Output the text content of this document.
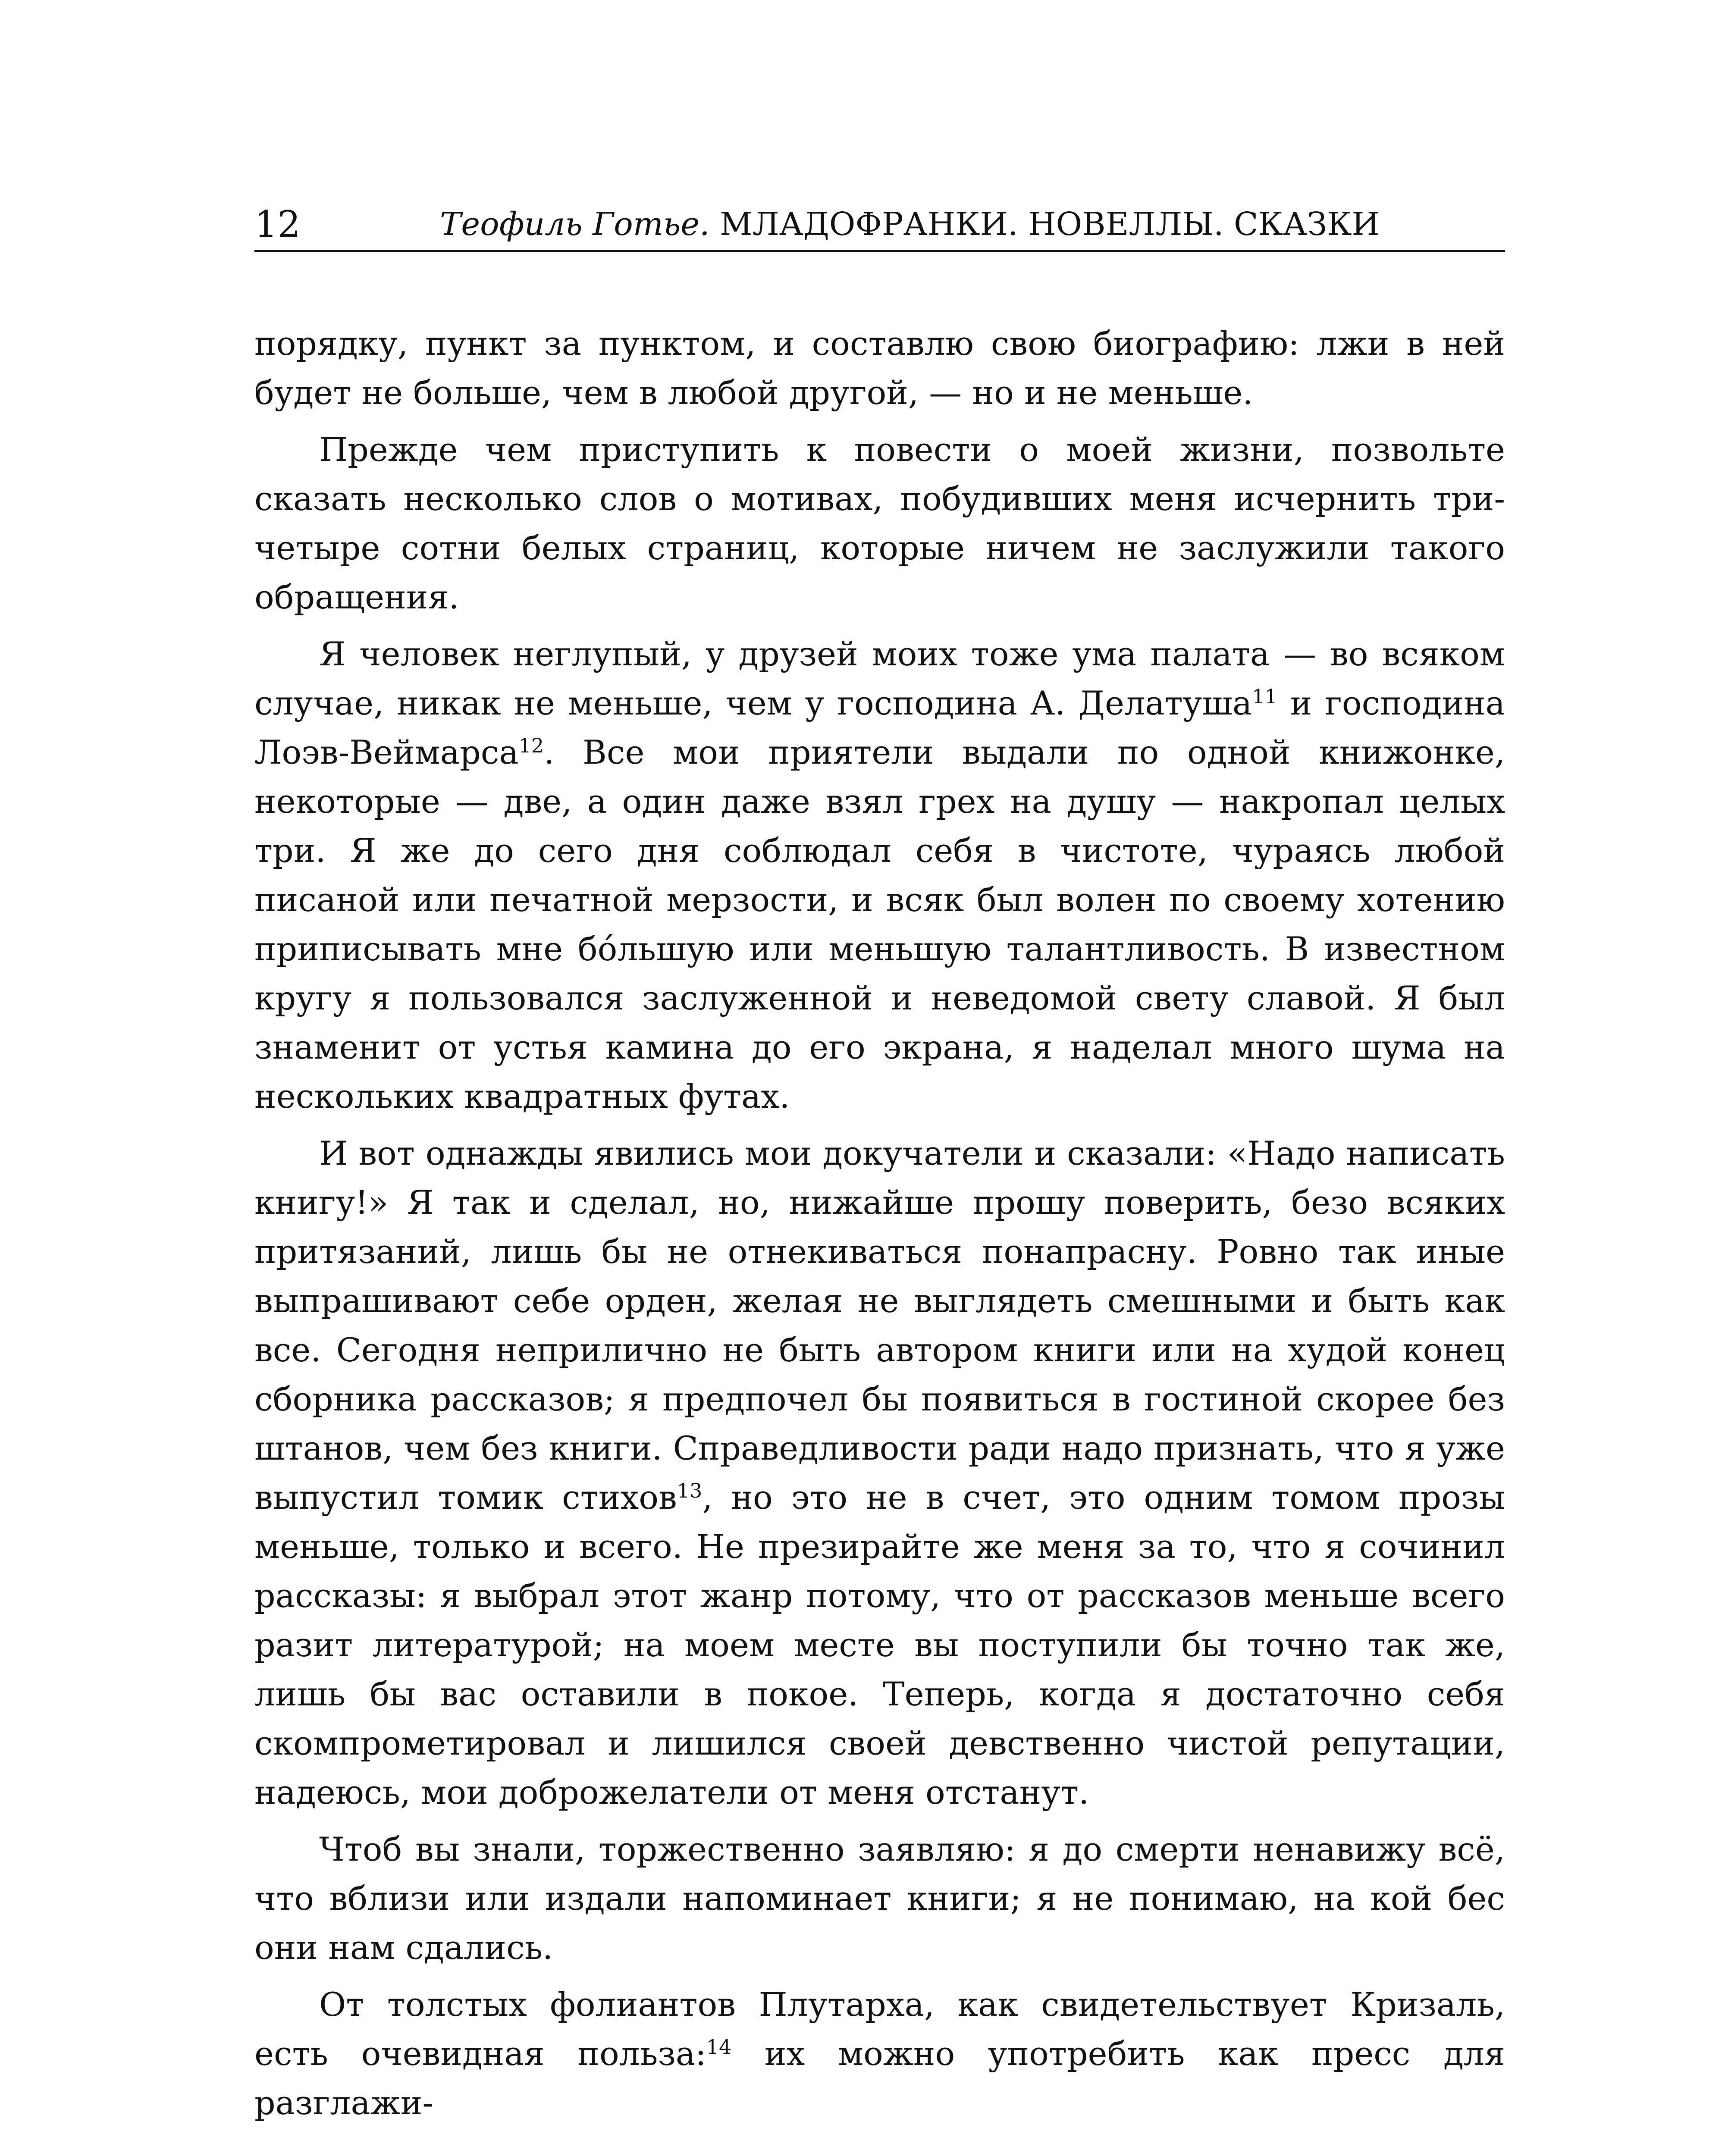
12	Теофиль Готье. МЛАДОФРАНКИ. НОВЕЛЛЫ. СКАЗКИ

порядку, пункт за пунктом, и составлю свою биографию: лжи в ней будет не больше, чем в любой другой, — но и не меньше.

Прежде чем приступить к повести о моей жизни, позвольте сказать несколько слов о мотивах, побудивших меня исчернить три-четыре сотни белых страниц, которые ничем не заслужили такого обращения.

Я человек неглупый, у друзей моих тоже ума палата — во всяком случае, никак не меньше, чем у господина А. Делатуша$^{11}$ и господина Лоэв-Веймарса$^{12}$. Все мои приятели выдали по одной книжонке, некоторые — две, а один даже взял грех на душу — накропал целых три. Я же до сего дня соблюдал себя в чистоте, чураясь любой писаной или печатной мерзости, и всяк был волен по своему хотению приписывать мне бо́льшую или меньшую талантливость. В известном кругу я пользовался заслуженной и неведомой свету славой. Я был знаменит от устья камина до его экрана, я наделал много шума на нескольких квадратных футах.

И вот однажды явились мои докучатели и сказали: «Надо написать книгу!» Я так и сделал, но, нижайше прошу поверить, безо всяких притязаний, лишь бы не отнекиваться понапрасну. Ровно так иные выпрашивают себе орден, желая не выглядеть смешными и быть как все. Сегодня неприлично не быть автором книги или на худой конец сборника рассказов; я предпочел бы появиться в гостиной скорее без штанов, чем без книги. Справедливости ради надо признать, что я уже выпустил томик стихов$^{13}$, но это не в счет, это одним томом прозы меньше, только и всего. Не презирайте же меня за то, что я сочинил рассказы: я выбрал этот жанр потому, что от рассказов меньше всего разит литературой; на моем месте вы поступили бы точно так же, лишь бы вас оставили в покое. Теперь, когда я достаточно себя скомпрометировал и лишился своей девственно чистой репутации, надеюсь, мои доброжелатели от меня отстанут.

Чтоб вы знали, торжественно заявляю: я до смерти ненавижу всё, что вблизи или издали напоминает книги; я не понимаю, на кой бес они нам сдались.

От толстых фолиантов Плутарха, как свидетельствует Кризаль, есть очевидная польза:$^{14}$ их можно употребить как пресс для разглажи-
